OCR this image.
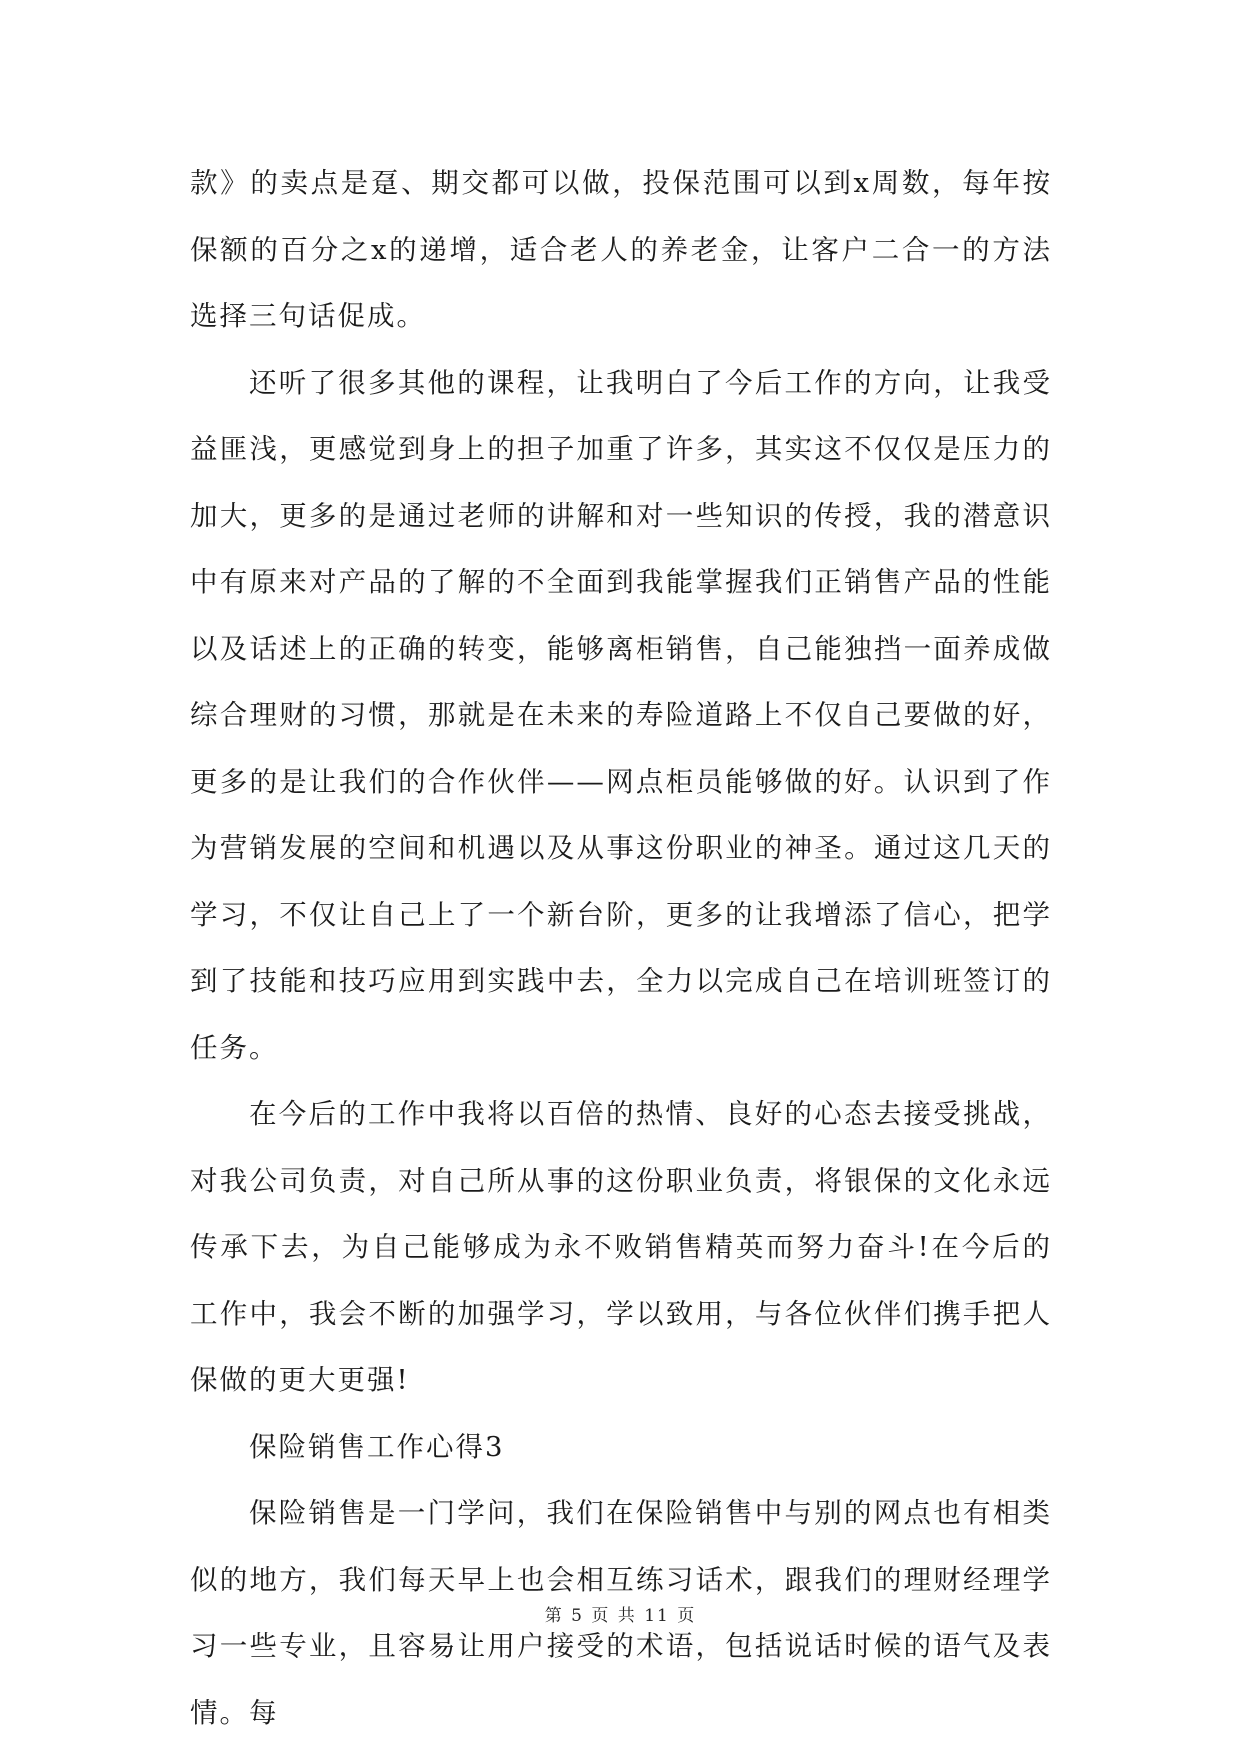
款》的卖点是趸、期交都可以做，投保范围可以到x周数，每年按保额的百分之x的递增，适合老人的养老金，让客户二合一的方法选择三句话促成。

还听了很多其他的课程，让我明白了今后工作的方向，让我受益匪浅，更感觉到身上的担子加重了许多，其实这不仅仅是压力的加大，更多的是通过老师的讲解和对一些知识的传授，我的潜意识中有原来对产品的了解的不全面到我能掌握我们正销售产品的性能以及话述上的正确的转变，能够离柜销售，自己能独挡一面养成做综合理财的习惯，那就是在未来的寿险道路上不仅自己要做的好，更多的是让我们的合作伙伴——网点柜员能够做的好。认识到了作为营销发展的空间和机遇以及从事这份职业的神圣。通过这几天的学习，不仅让自己上了一个新台阶，更多的让我增添了信心，把学到了技能和技巧应用到实践中去，全力以完成自己在培训班签订的任务。

在今后的工作中我将以百倍的热情、良好的心态去接受挑战，对我公司负责，对自己所从事的这份职业负责，将银保的文化永远传承下去，为自己能够成为永不败销售精英而努力奋斗!在今后的工作中，我会不断的加强学习，学以致用，与各位伙伴们携手把人保做的更大更强!

保险销售工作心得3

保险销售是一门学问，我们在保险销售中与别的网点也有相类似的地方，我们每天早上也会相互练习话术，跟我们的理财经理学习一些专业，且容易让用户接受的术语，包括说话时候的语气及表情。每

第 5 页 共 11 页
